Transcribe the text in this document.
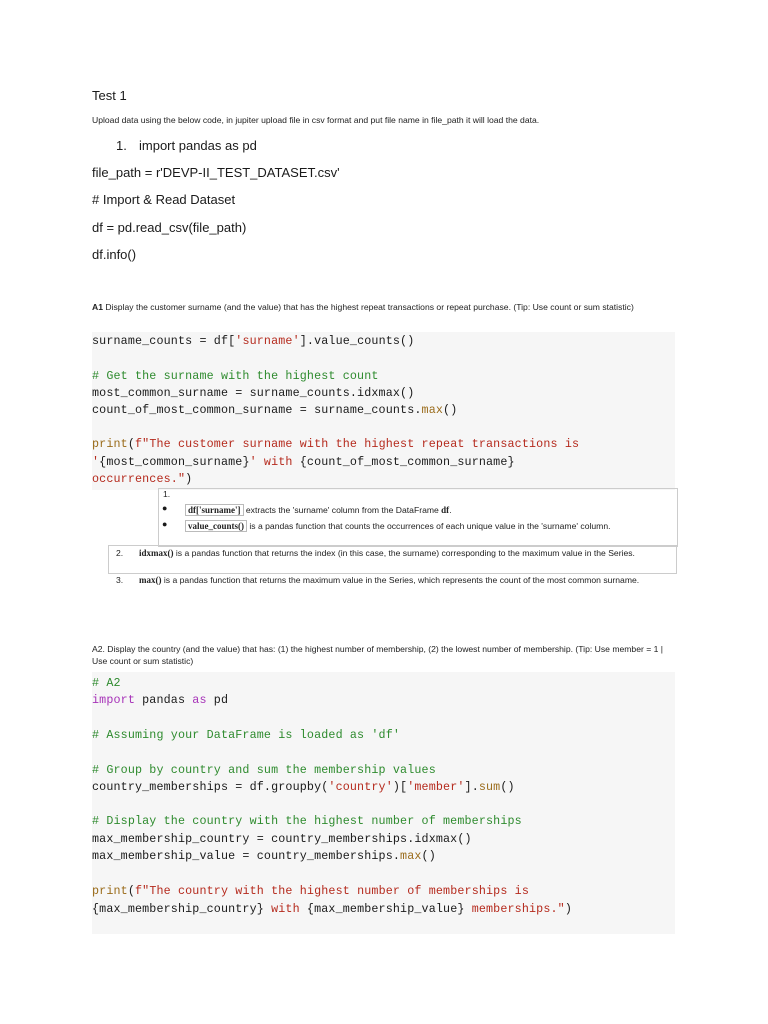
Test 1
Upload data using the below code, in jupiter upload file in csv format and put file name in file_path it will load the data.
1. import pandas as pd
file_path = r'DEVP-II_TEST_DATASET.csv'
# Import & Read Dataset
df = pd.read_csv(file_path)
df.info()
A1 Display the customer surname (and the value) that has the highest repeat transactions or repeat purchase. (Tip: Use count or sum statistic)
surname_counts = df['surname'].value_counts()
# Get the surname with the highest count
most_common_surname = surname_counts.idxmax()
count_of_most_common_surname = surname_counts.max()
print(f"The customer surname with the highest repeat transactions is
'{most_common_surname}' with {count_of_most_common_surname}
occurrences.")
1.
●	df['surname'] extracts the 'surname' column from the DataFrame df.
●	value_counts() is a pandas function that counts the occurrences of each unique value in the 'surname' column.
2. idxmax() is a pandas function that returns the index (in this case, the surname) corresponding to the maximum value in the Series.
3. max() is a pandas function that returns the maximum value in the Series, which represents the count of the most common surname.
A2. Display the country (and the value) that has: (1) the highest number of membership, (2) the lowest number of membership. (Tip: Use member = 1 | Use count or sum statistic)
# A2
import pandas as pd
# Assuming your DataFrame is loaded as 'df'
# Group by country and sum the membership values
country_memberships = df.groupby('country')['member'].sum()
# Display the country with the highest number of memberships
max_membership_country = country_memberships.idxmax()
max_membership_value = country_memberships.max()
print(f"The country with the highest number of memberships is
{max_membership_country} with {max_membership_value} memberships.")
